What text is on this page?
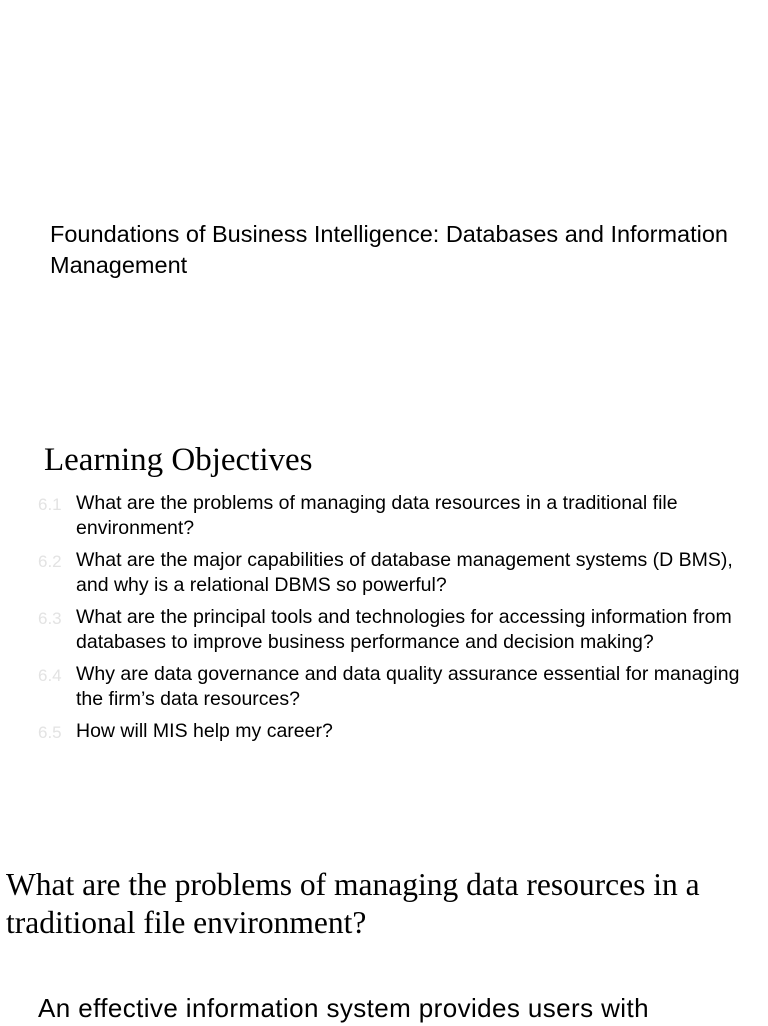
Foundations of Business Intelligence: Databases and Information Management
Learning Objectives
6.1 What are the problems of managing data resources in a traditional file environment?
6.2 What are the major capabilities of database management systems (D BMS), and why is a relational DBMS so powerful?
6.3 What are the principal tools and technologies for accessing information from databases to improve business performance and decision making?
6.4 Why are data governance and data quality assurance essential for managing the firm’s data resources?
6.5 How will MIS help my career?
What are the problems of managing data resources in a traditional file environment?

An effective information system provides users with
